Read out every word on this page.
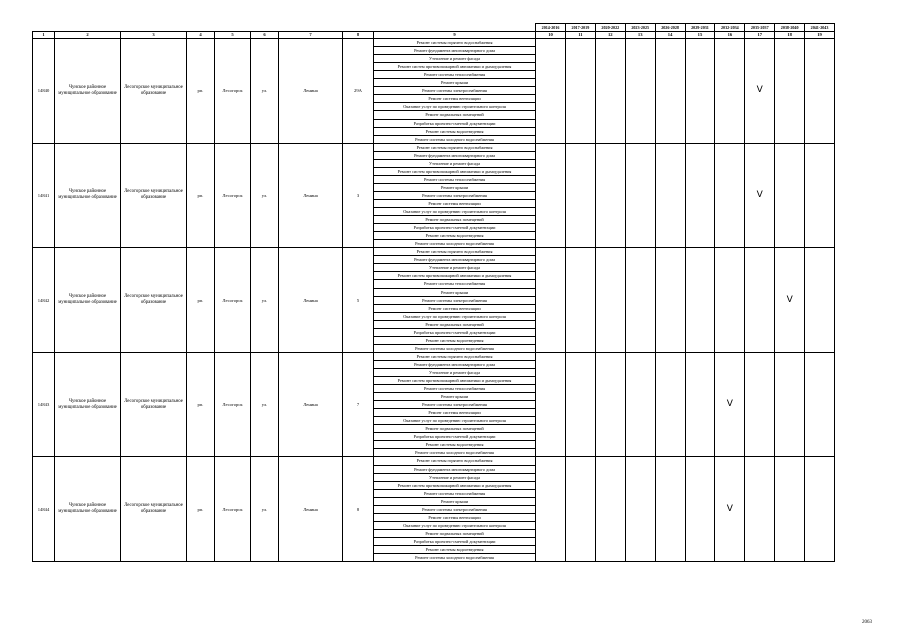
									2014-2016	2017-2019	2020-2022	2023-2025	2026-2028	2029-2031	2032-2034	2035-2037	2038-2040	2041-2043
1	2	3	4	5	6	7	8	9	10	11	12	13	14	15	16	17	18	19
14840	Чунское районное муниципальное образование	Лесогорское муниципальное образование	рп.	Лесогорск	ул.	Ленина	29А	Ремонт системы горячего водоснабжения								V		
								Ремонт фундамента многоквартирного дома										
								Утепление и ремонт фасада										
								Ремонт систем противопожарной автоматики и дымоудаления										
								Ремонт системы теплоснабжения										
								Ремонт крыши										
								Ремонт системы электроснабжения										
								Ремонт системы вентиляции										
								Оказание услуг по проведению строительного контроля										
								Ремонт подвальных помещений										
								Разработка проектно-сметной документации										
								Ремонт системы водоотведения										
								Ремонт системы холодного водоснабжения										
14841	Чунское районное муниципальное образование	Лесогорское муниципальное образование	рп.	Лесогорск	ул.	Ленина	3	Ремонт системы горячего водоснабжения								V		
								Ремонт фундамента многоквартирного дома										
								Утепление и ремонт фасада										
								Ремонт систем противопожарной автоматики и дымоудаления										
								Ремонт системы теплоснабжения										
								Ремонт крыши										
								Ремонт системы электроснабжения										
								Ремонт системы вентиляции										
								Оказание услуг по проведению строительного контроля										
								Ремонт подвальных помещений										
								Разработка проектно-сметной документации										
								Ремонт системы водоотведения										
								Ремонт системы холодного водоснабжения										
14842	Чунское районное муниципальное образование	Лесогорское муниципальное образование	рп.	Лесогорск	ул.	Ленина	5	Ремонт системы горячего водоснабжения									V	
								Ремонт фундамента многоквартирного дома										
								Утепление и ремонт фасада										
								Ремонт систем противопожарной автоматики и дымоудаления										
								Ремонт системы теплоснабжения										
								Ремонт крыши										
								Ремонт системы электроснабжения										
								Ремонт системы вентиляции										
								Оказание услуг по проведению строительного контроля										
								Ремонт подвальных помещений										
								Разработка проектно-сметной документации										
								Ремонт системы водоотведения										
								Ремонт системы холодного водоснабжения										
14843	Чунское районное муниципальное образование	Лесогорское муниципальное образование	рп.	Лесогорск	ул.	Ленина	7	Ремонт системы горячего водоснабжения							V			
								Ремонт фундамента многоквартирного дома										
								Утепление и ремонт фасада										
								Ремонт систем противопожарной автоматики и дымоудаления										
								Ремонт системы теплоснабжения										
								Ремонт крыши										
								Ремонт системы электроснабжения										
								Ремонт системы вентиляции										
								Оказание услуг по проведению строительного контроля										
								Ремонт подвальных помещений										
								Разработка проектно-сметной документации										
								Ремонт системы водоотведения										
								Ремонт системы холодного водоснабжения										
14844	Чунское районное муниципальное образование	Лесогорское муниципальное образование	рп.	Лесогорск	ул.	Ленина	8	Ремонт системы горячего водоснабжения							V			
								Ремонт фундамента многоквартирного дома										
								Утепление и ремонт фасада										
								Ремонт систем противопожарной автоматики и дымоудаления										
								Ремонт системы теплоснабжения										
								Ремонт крыши										
								Ремонт системы электроснабжения										
								Ремонт системы вентиляции										
								Оказание услуг по проведению строительного контроля										
								Ремонт подвальных помещений										
								Разработка проектно-сметной документации										
								Ремонт системы водоотведения										
								Ремонт системы холодного водоснабжения										
2063
